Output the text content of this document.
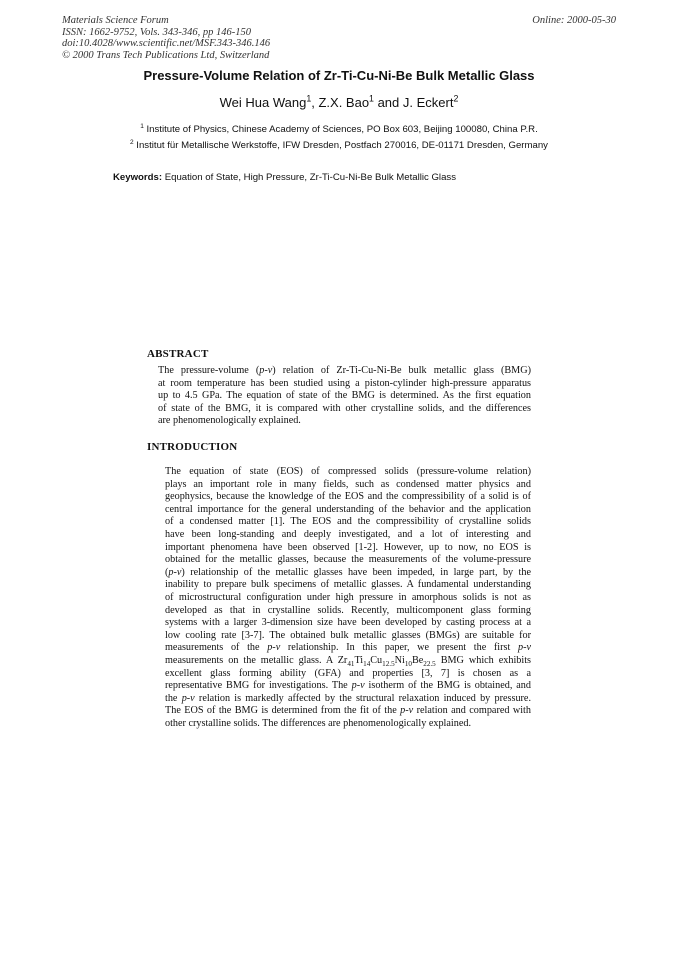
Materials Science Forum
ISSN: 1662-9752, Vols. 343-346, pp 146-150
doi:10.4028/www.scientific.net/MSF.343-346.146
© 2000 Trans Tech Publications Ltd, Switzerland
Online: 2000-05-30
Pressure-Volume Relation of Zr-Ti-Cu-Ni-Be Bulk Metallic Glass
Wei Hua Wang$^1$, Z.X. Bao$^1$ and J. Eckert$^2$
$^1$ Institute of Physics, Chinese Academy of Sciences, PO Box 603, Beijing 100080, China P.R.
$^2$ Institut für Metallische Werkstoffe, IFW Dresden, Postfach 270016, DE-01171 Dresden, Germany
Keywords: Equation of State, High Pressure, Zr-Ti-Cu-Ni-Be Bulk Metallic Glass
ABSTRACT

The pressure-volume (p-v) relation of Zr-Ti-Cu-Ni-Be bulk metallic glass (BMG)
at room temperature has been studied using a piston-cylinder high-pressure apparatus
up to 4.5 GPa. The equation of state of the BMG is determined. As the first equation
of state of the BMG, it is compared with other crystalline solids, and the differences
are phenomenologically explained.

INTRODUCTION

The equation of state (EOS) of compressed solids (pressure-volume relation)
plays an important role in many fields, such as condensed matter physics and
geophysics, because the knowledge of the EOS and the compressibility of a solid is of
central importance for the general understanding of the behavior and the application
of a condensed matter [1]. The EOS and the compressibility of crystalline solids
have been long-standing and deeply investigated, and a lot of interesting and
important phenomena have been observed [1-2]. However, up to now, no EOS is
obtained for the metallic glasses, because the measurements of the volume-pressure
(p-v) relationship of the metallic glasses have been impeded, in large part, by the
inability to prepare bulk specimens of metallic glasses. A fundamental understanding
of microstructural configuration under high pressure in amorphous solids is not as
developed as that in crystalline solids. Recently, multicomponent glass forming
systems with a larger 3-dimension size have been developed by casting process at a
low cooling rate [3-7]. The obtained bulk metallic glasses (BMGs) are suitable for
measurements of the p-v relationship. In this paper, we present the first p-v
measurements on the metallic glass. A $Zr_{41}Ti_{14}Cu_{12.5}Ni_{10}Be_{22.5}$ BMG which exhibits
excellent glass forming ability (GFA) and properties [3, 7] is chosen as a
representative BMG for investigations. The p-v isotherm of the BMG is obtained, and
the p-v relation is markedly affected by the structural relaxation induced by pressure.
The EOS of the BMG is determined from the fit of the p-v relation and compared with
other crystalline solids. The differences are phenomenologically explained.
